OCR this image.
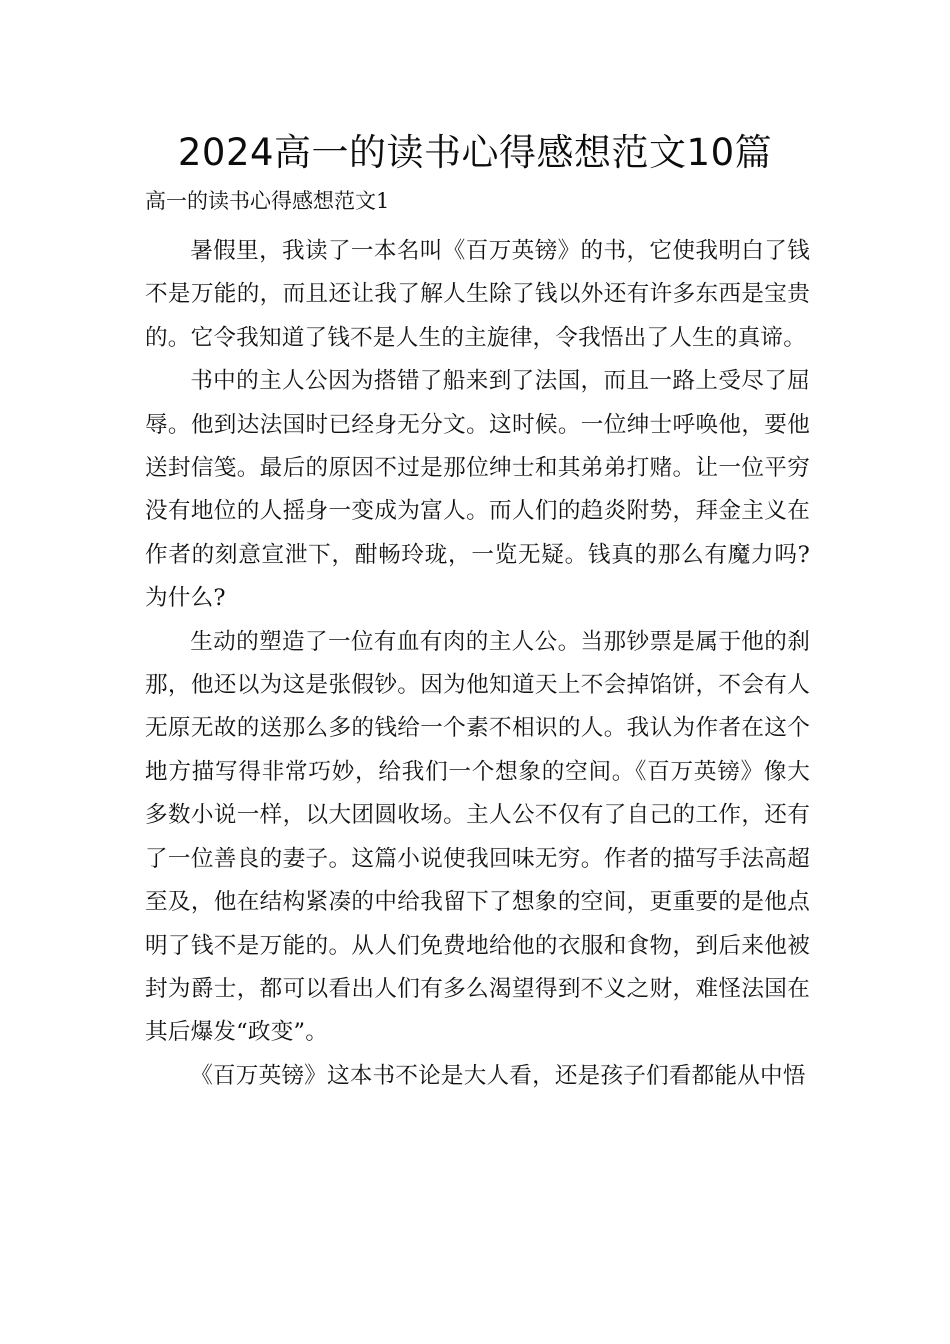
2024高一的读书心得感想范文10篇
高一的读书心得感想范文1

暑假里，我读了一本名叫《百万英镑》的书，它使我明白了钱不是万能的，而且还让我了解人生除了钱以外还有许多东西是宝贵的。它令我知道了钱不是人生的主旋律，令我悟出了人生的真谛。

书中的主人公因为搭错了船来到了法国，而且一路上受尽了屈辱。他到达法国时已经身无分文。这时候。一位绅士呼唤他，要他送封信笺。最后的原因不过是那位绅士和其弟弟打赌。让一位平穷没有地位的人摇身一变成为富人。而人们的趋炎附势，拜金主义在作者的刻意宣泄下，酣畅玲珑，一览无疑。钱真的那么有魔力吗?为什么?

生动的塑造了一位有血有肉的主人公。当那钞票是属于他的刹那，他还以为这是张假钞。因为他知道天上不会掉馅饼，不会有人无原无故的送那么多的钱给一个素不相识的人。我认为作者在这个地方描写得非常巧妙，给我们一个想象的空间。《百万英镑》像大多数小说一样，以大团圆收场。主人公不仅有了自己的工作，还有了一位善良的妻子。这篇小说使我回味无穷。作者的描写手法高超至及，他在结构紧凑的中给我留下了想象的空间，更重要的是他点明了钱不是万能的。从人们免费地给他的衣服和食物，到后来他被封为爵士，都可以看出人们有多么渴望得到不义之财，难怪法国在其后爆发“政变”。

《百万英镑》这本书不论是大人看，还是孩子们看都能从中悟
